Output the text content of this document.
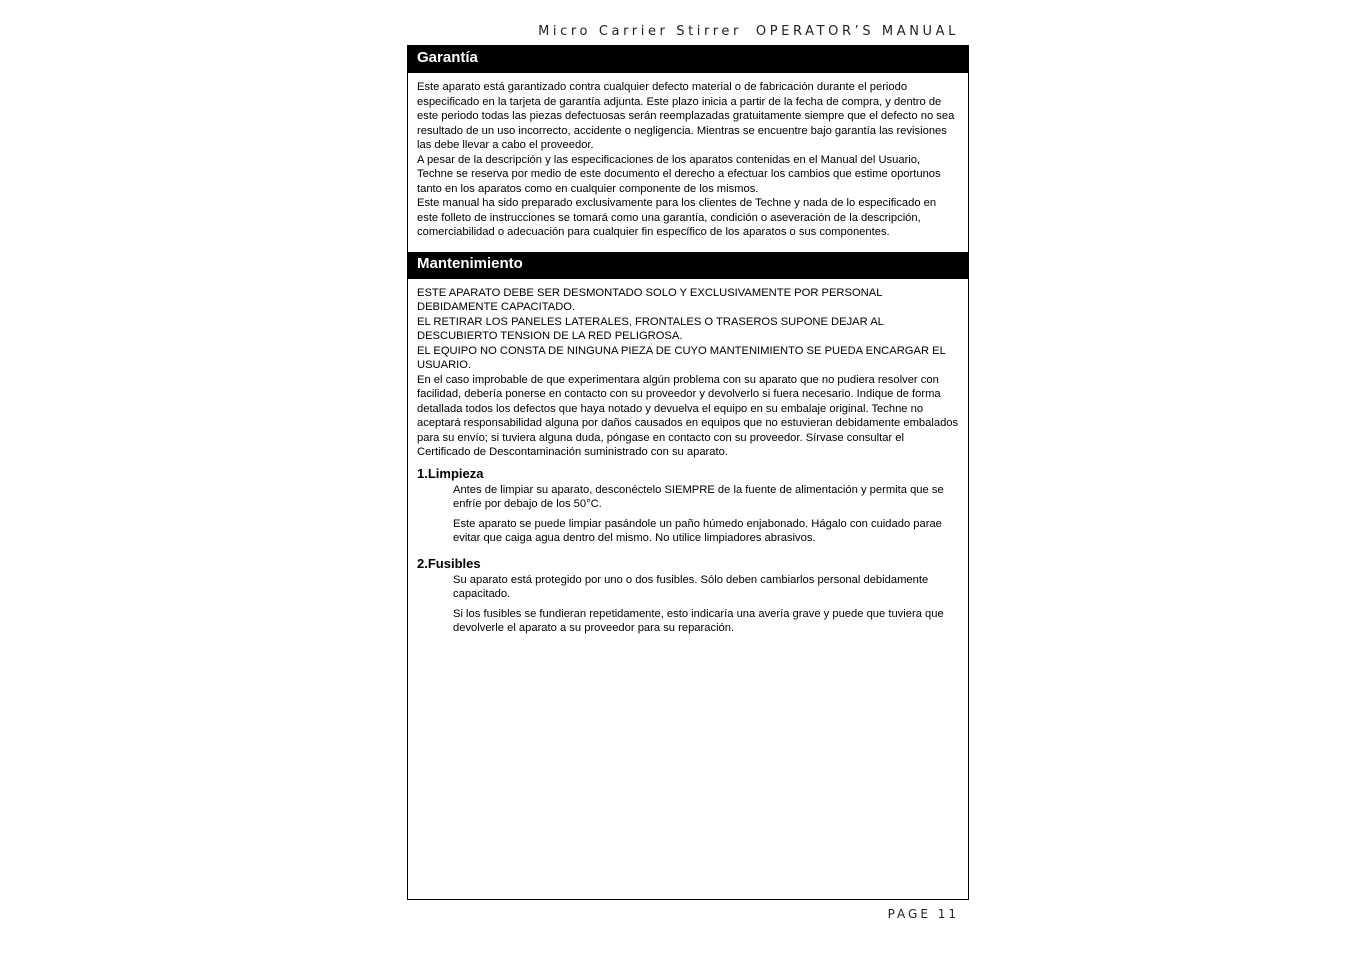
Micro Carrier Stirrer OPERATOR’S MANUAL
Garantía

Este aparato está garantizado contra cualquier defecto material o de fabricación durante el periodo especificado en la tarjeta de garantía adjunta. Este plazo inicia a partir de la fecha de compra, y dentro de este periodo todas las piezas defectuosas serán reemplazadas gratuitamente siempre que el defecto no sea resultado de un uso incorrecto, accidente o negligencia. Mientras se encuentre bajo garantía las revisiones las debe llevar a cabo el proveedor.

A pesar de la descripción y las especificaciones de los aparatos contenidas en el Manual del Usuario, Techne se reserva por medio de este documento el derecho a efectuar los cambios que estime oportunos tanto en los aparatos como en cualquier componente de los mismos.

Este manual ha sido preparado exclusivamente para los clientes de Techne y nada de lo especificado en este folleto de instrucciones se tomará como una garantía, condición o aseveración de la descripción, comerciabilidad o adecuación para cualquier fin específico de los aparatos o sus componentes.

Mantenimiento

ESTE APARATO DEBE SER DESMONTADO SOLO Y EXCLUSIVAMENTE POR PERSONAL DEBIDAMENTE CAPACITADO.

EL RETIRAR LOS PANELES LATERALES, FRONTALES O TRASEROS SUPONE DEJAR AL DESCUBIERTO TENSION DE LA RED PELIGROSA.

EL EQUIPO NO CONSTA DE NINGUNA PIEZA DE CUYO MANTENIMIENTO SE PUEDA ENCARGAR EL USUARIO.

En el caso improbable de que experimentara algún problema con su aparato que no pudiera resolver con facilidad, debería ponerse en contacto con su proveedor y devolverlo si fuera necesario. Indique de forma detallada todos los defectos que haya notado y devuelva el equipo en su embalaje original. Techne no aceptará responsabilidad alguna por daños causados en equipos que no estuvieran debidamente embalados para su envío; si tuviera alguna duda, póngase en contacto con su proveedor. Sírvase consultar el Certificado de Descontaminación suministrado con su aparato.

1.Limpieza

Antes de limpiar su aparato, desconéctelo SIEMPRE de la fuente de alimentación y permita que se enfríe por debajo de los 50°C.

Este aparato se puede limpiar pasándole un paño húmedo enjabonado. Hágalo con cuidado parae evitar que caiga agua dentro del mismo. No utilice limpiadores abrasivos.

2.Fusibles

Su aparato está protegido por uno o dos fusibles. Sólo deben cambiarlos personal debidamente capacitado.

Si los fusibles se fundieran repetidamente, esto indicaría una avería grave y puede que tuviera que devolverle el aparato a su proveedor para su reparación.

PAGE 11
